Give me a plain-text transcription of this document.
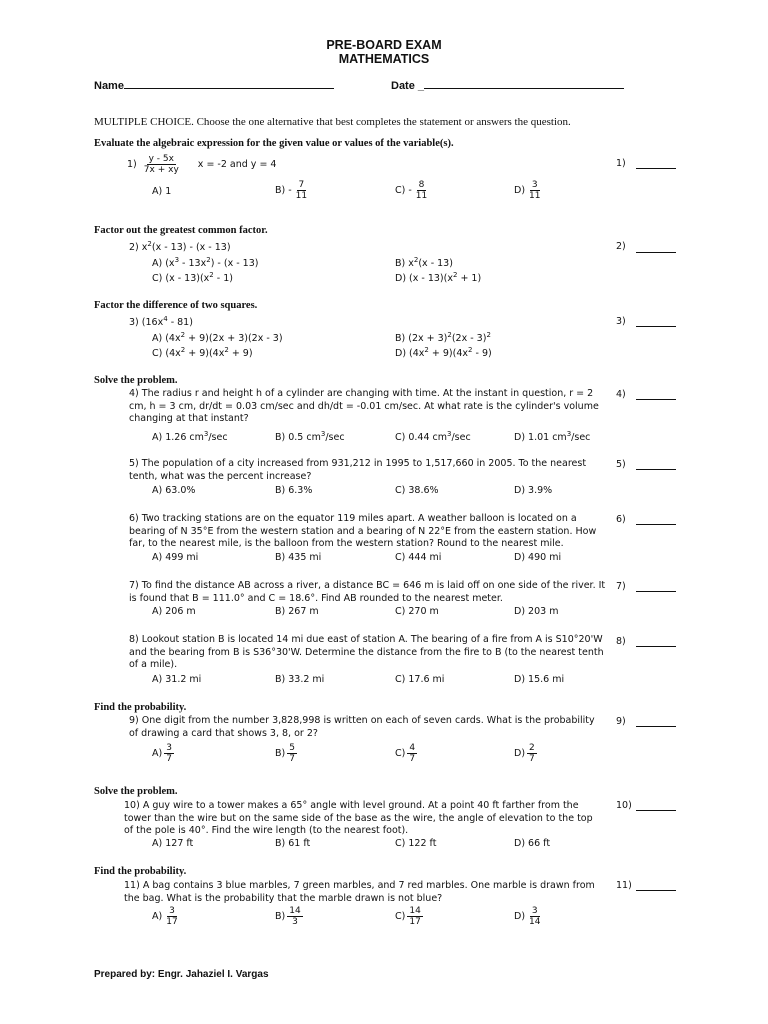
PRE-BOARD EXAM
MATHEMATICS
Name	Date _
MULTIPLE CHOICE. Choose the one alternative that best completes the statement or answers the question.
Evaluate the algebraic expression for the given value or values of the variable(s).
$1) \frac{y - 5x}{7x + xy}$ x = -2 and y = 4	1)
A) 1	$B) - \frac{7}{11}$	$C) - \frac{8}{11}$	$D) \frac{3}{11}$
Factor out the greatest common factor.
2) $x^2(x - 13) - (x - 13)$	2)
A) $(x^3 - 13x^2) - (x - 13)$	B) $x^2(x - 13)$
C) $(x - 13)(x^2 - 1)$	D) $(x - 13)(x^2 + 1)$
Factor the difference of two squares.
3) $(16x^4 - 81)$	3)
A) $(4x^2 + 9)(2x + 3)(2x - 3)$	B) $(2x + 3)^2(2x - 3)^2$
C) $(4x^2 + 9)(4x^2 + 9)$	D) $(4x^2 + 9)(4x^2 - 9)$
Solve the problem.
4) The radius r and height h of a cylinder are changing with time. At the instant in question, r = 2 cm, h = 3 cm, dr/dt = 0.03 cm/sec and dh/dt = -0.01 cm/sec. At what rate is the cylinder's volume changing at that instant?
4)
A) 1.26 $cm^3/\sec$	B) 0.5 $cm^3/\sec$	C) 0.44 $cm^3/\sec$	D) 1.01 $cm^3/\sec$
5) The population of a city increased from 931,212 in 1995 to 1,517,660 in 2005. To the nearest tenth, what was the percent increase?
5)
A) 63.0%	B) 6.3%	C) 38.6%	D) 3.9%
6) Two tracking stations are on the equator 119 miles apart. A weather balloon is located on a bearing of N 35°E from the western station and a bearing of N 22°E from the eastern station. How far, to the nearest mile, is the balloon from the western station? Round to the nearest mile.
6)
A) 499 mi	B) 435 mi	C) 444 mi	D) 490 mi
7) To find the distance AB across a river, a distance BC = 646 m is laid off on one side of the river. It is found that B = 111.0° and C = 18.6°. Find AB rounded to the nearest meter.
7)
A) 206 m	B) 267 m	C) 270 m	D) 203 m
8) Lookout station B is located 14 mi due east of station A. The bearing of a fire from A is S10°20'W and the bearing from B is S36°30'W. Determine the distance from the fire to B (to the nearest tenth of a mile).
8)
A) 31.2 mi	B) 33.2 mi	C) 17.6 mi	D) 15.6 mi
Find the probability.
9) One digit from the number 3,828,998 is written on each of seven cards. What is the probability of drawing a card that shows 3, 8, or 2?
9)
$A) \frac{3}{7}$	$B) \frac{5}{7}$	$C) \frac{4}{7}$	$D) \frac{2}{7}$
Solve the problem.
10) A guy wire to a tower makes a 65° angle with level ground. At a point 40 ft farther from the tower than the wire but on the same side of the base as the wire, the angle of elevation to the top of the pole is 40°. Find the wire length (to the nearest foot).
10)
A) 127 ft	B) 61 ft	C) 122 ft	D) 66 ft
Find the probability.
11) A bag contains 3 blue marbles, 7 green marbles, and 7 red marbles. One marble is drawn from the bag. What is the probability that the marble drawn is not blue?
11)
$A) \frac{3}{17}$	$B) \frac{14}{3}$	$C) \frac{14}{17}$	$D) \frac{3}{14}$
Prepared by: Engr. Jahaziel I. Vargas
